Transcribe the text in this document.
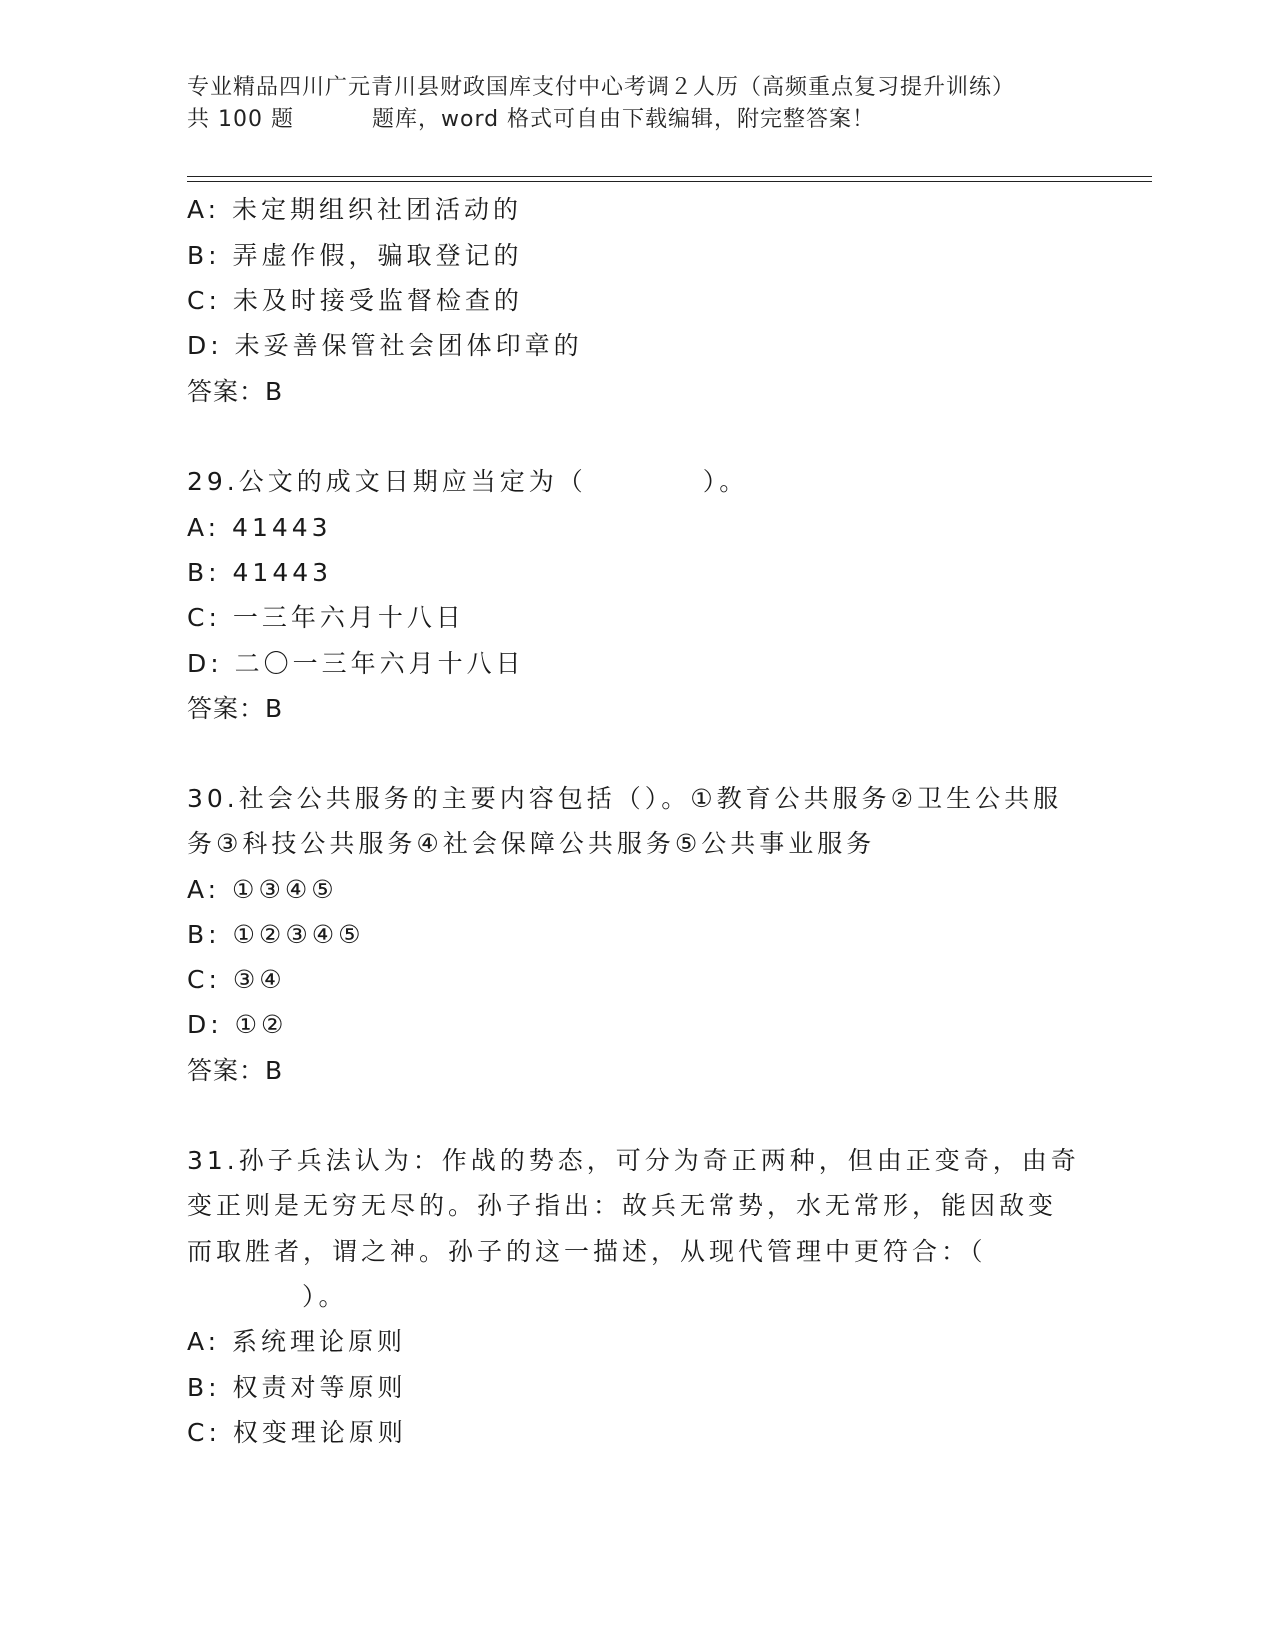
专业精品四川广元青川县财政国库支付中心考调２人历（高频重点复习提升训练）
共 100 题	题库，word 格式可自由下载编辑，附完整答案！
A: 未定期组织社团活动的
B: 弄虚作假，骗取登记的
C: 未及时接受监督检查的
D: 未妥善保管社会团体印章的
答案：B
29.公文的成文日期应当定为（　　　　）。
A: 41443
B: 41443
C: 一三年六月十八日
D: 二〇一三年六月十八日
答案：B
30.社会公共服务的主要内容包括（）。①教育公共服务②卫生公共服
务③科技公共服务④社会保障公共服务⑤公共事业服务
A: ①③④⑤
B: ①②③④⑤
C: ③④
D: ①②
答案：B
31.孙子兵法认为：作战的势态，可分为奇正两种，但由正变奇，由奇
变正则是无穷无尽的。孙子指出：故兵无常势，水无常形，能因敌变
而取胜者，谓之神。孙子的这一描述，从现代管理中更符合：（
）。
A: 系统理论原则
B: 权责对等原则
C: 权变理论原则
